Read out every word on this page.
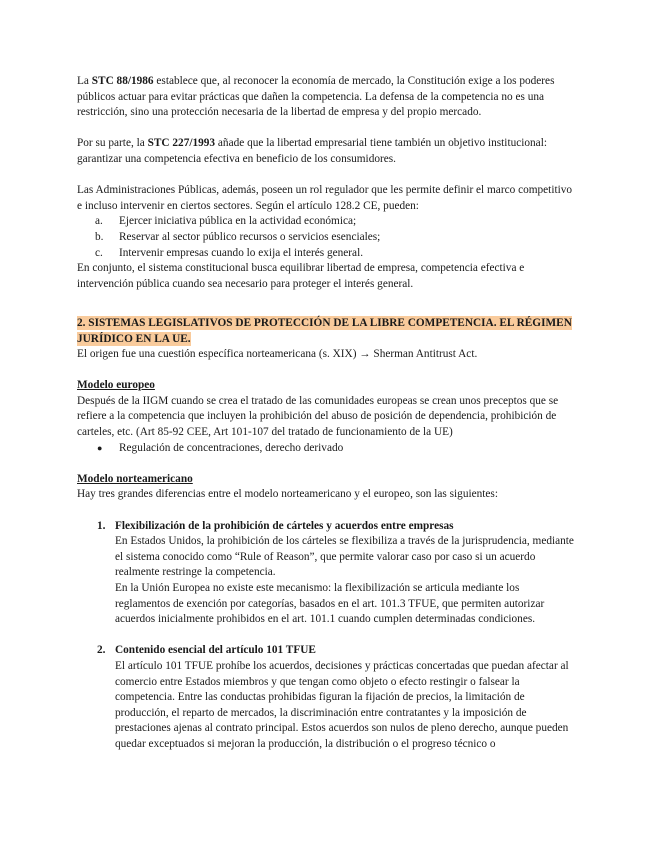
La STC 88/1986 establece que, al reconocer la economía de mercado, la Constitución exige a los poderes públicos actuar para evitar prácticas que dañen la competencia. La defensa de la competencia no es una restricción, sino una protección necesaria de la libertad de empresa y del propio mercado.

Por su parte, la STC 227/1993 añade que la libertad empresarial tiene también un objetivo institucional: garantizar una competencia efectiva en beneficio de los consumidores.

Las Administraciones Públicas, además, poseen un rol regulador que les permite definir el marco competitivo e incluso intervenir en ciertos sectores. Según el artículo 128.2 CE, pueden:

a. Ejercer iniciativa pública en la actividad económica;
b. Reservar al sector público recursos o servicios esenciales;
c. Intervenir empresas cuando lo exija el interés general.

En conjunto, el sistema constitucional busca equilibrar libertad de empresa, competencia efectiva e intervención pública cuando sea necesario para proteger el interés general.

2. SISTEMAS LEGISLATIVOS DE PROTECCIÓN DE LA LIBRE COMPETENCIA. EL RÉGIMEN JURÍDICO EN LA UE.

El origen fue una cuestión específica norteamericana (s. XIX) → Sherman Antitrust Act.

Modelo europeo

Después de la IIGM cuando se crea el tratado de las comunidades europeas se crean unos preceptos que se refiere a la competencia que incluyen la prohibición del abuso de posición de dependencia, prohibición de carteles, etc. (Art 85-92 CEE, Art 101-107 del tratado de funcionamiento de la UE)

● Regulación de concentraciones, derecho derivado

Modelo norteamericano

Hay tres grandes diferencias entre el modelo norteamericano y el europeo, son las siguientes:

1. Flexibilización de la prohibición de cárteles y acuerdos entre empresas

En Estados Unidos, la prohibición de los cárteles se flexibiliza a través de la jurisprudencia, mediante el sistema conocido como “Rule of Reason”, que permite valorar caso por caso si un acuerdo realmente restringe la competencia.

En la Unión Europea no existe este mecanismo: la flexibilización se articula mediante los reglamentos de exención por categorías, basados en el art. 101.3 TFUE, que permiten autorizar acuerdos inicialmente prohibidos en el art. 101.1 cuando cumplen determinadas condiciones.

2. Contenido esencial del artículo 101 TFUE

El artículo 101 TFUE prohíbe los acuerdos, decisiones y prácticas concertadas que puedan afectar al comercio entre Estados miembros y que tengan como objeto o efecto restingir o falsear la competencia. Entre las conductas prohibidas figuran la fijación de precios, la limitación de producción, el reparto de mercados, la discriminación entre contratantes y la imposición de prestaciones ajenas al contrato principal. Estos acuerdos son nulos de pleno derecho, aunque pueden quedar exceptuados si mejoran la producción, la distribución o el progreso técnico o
